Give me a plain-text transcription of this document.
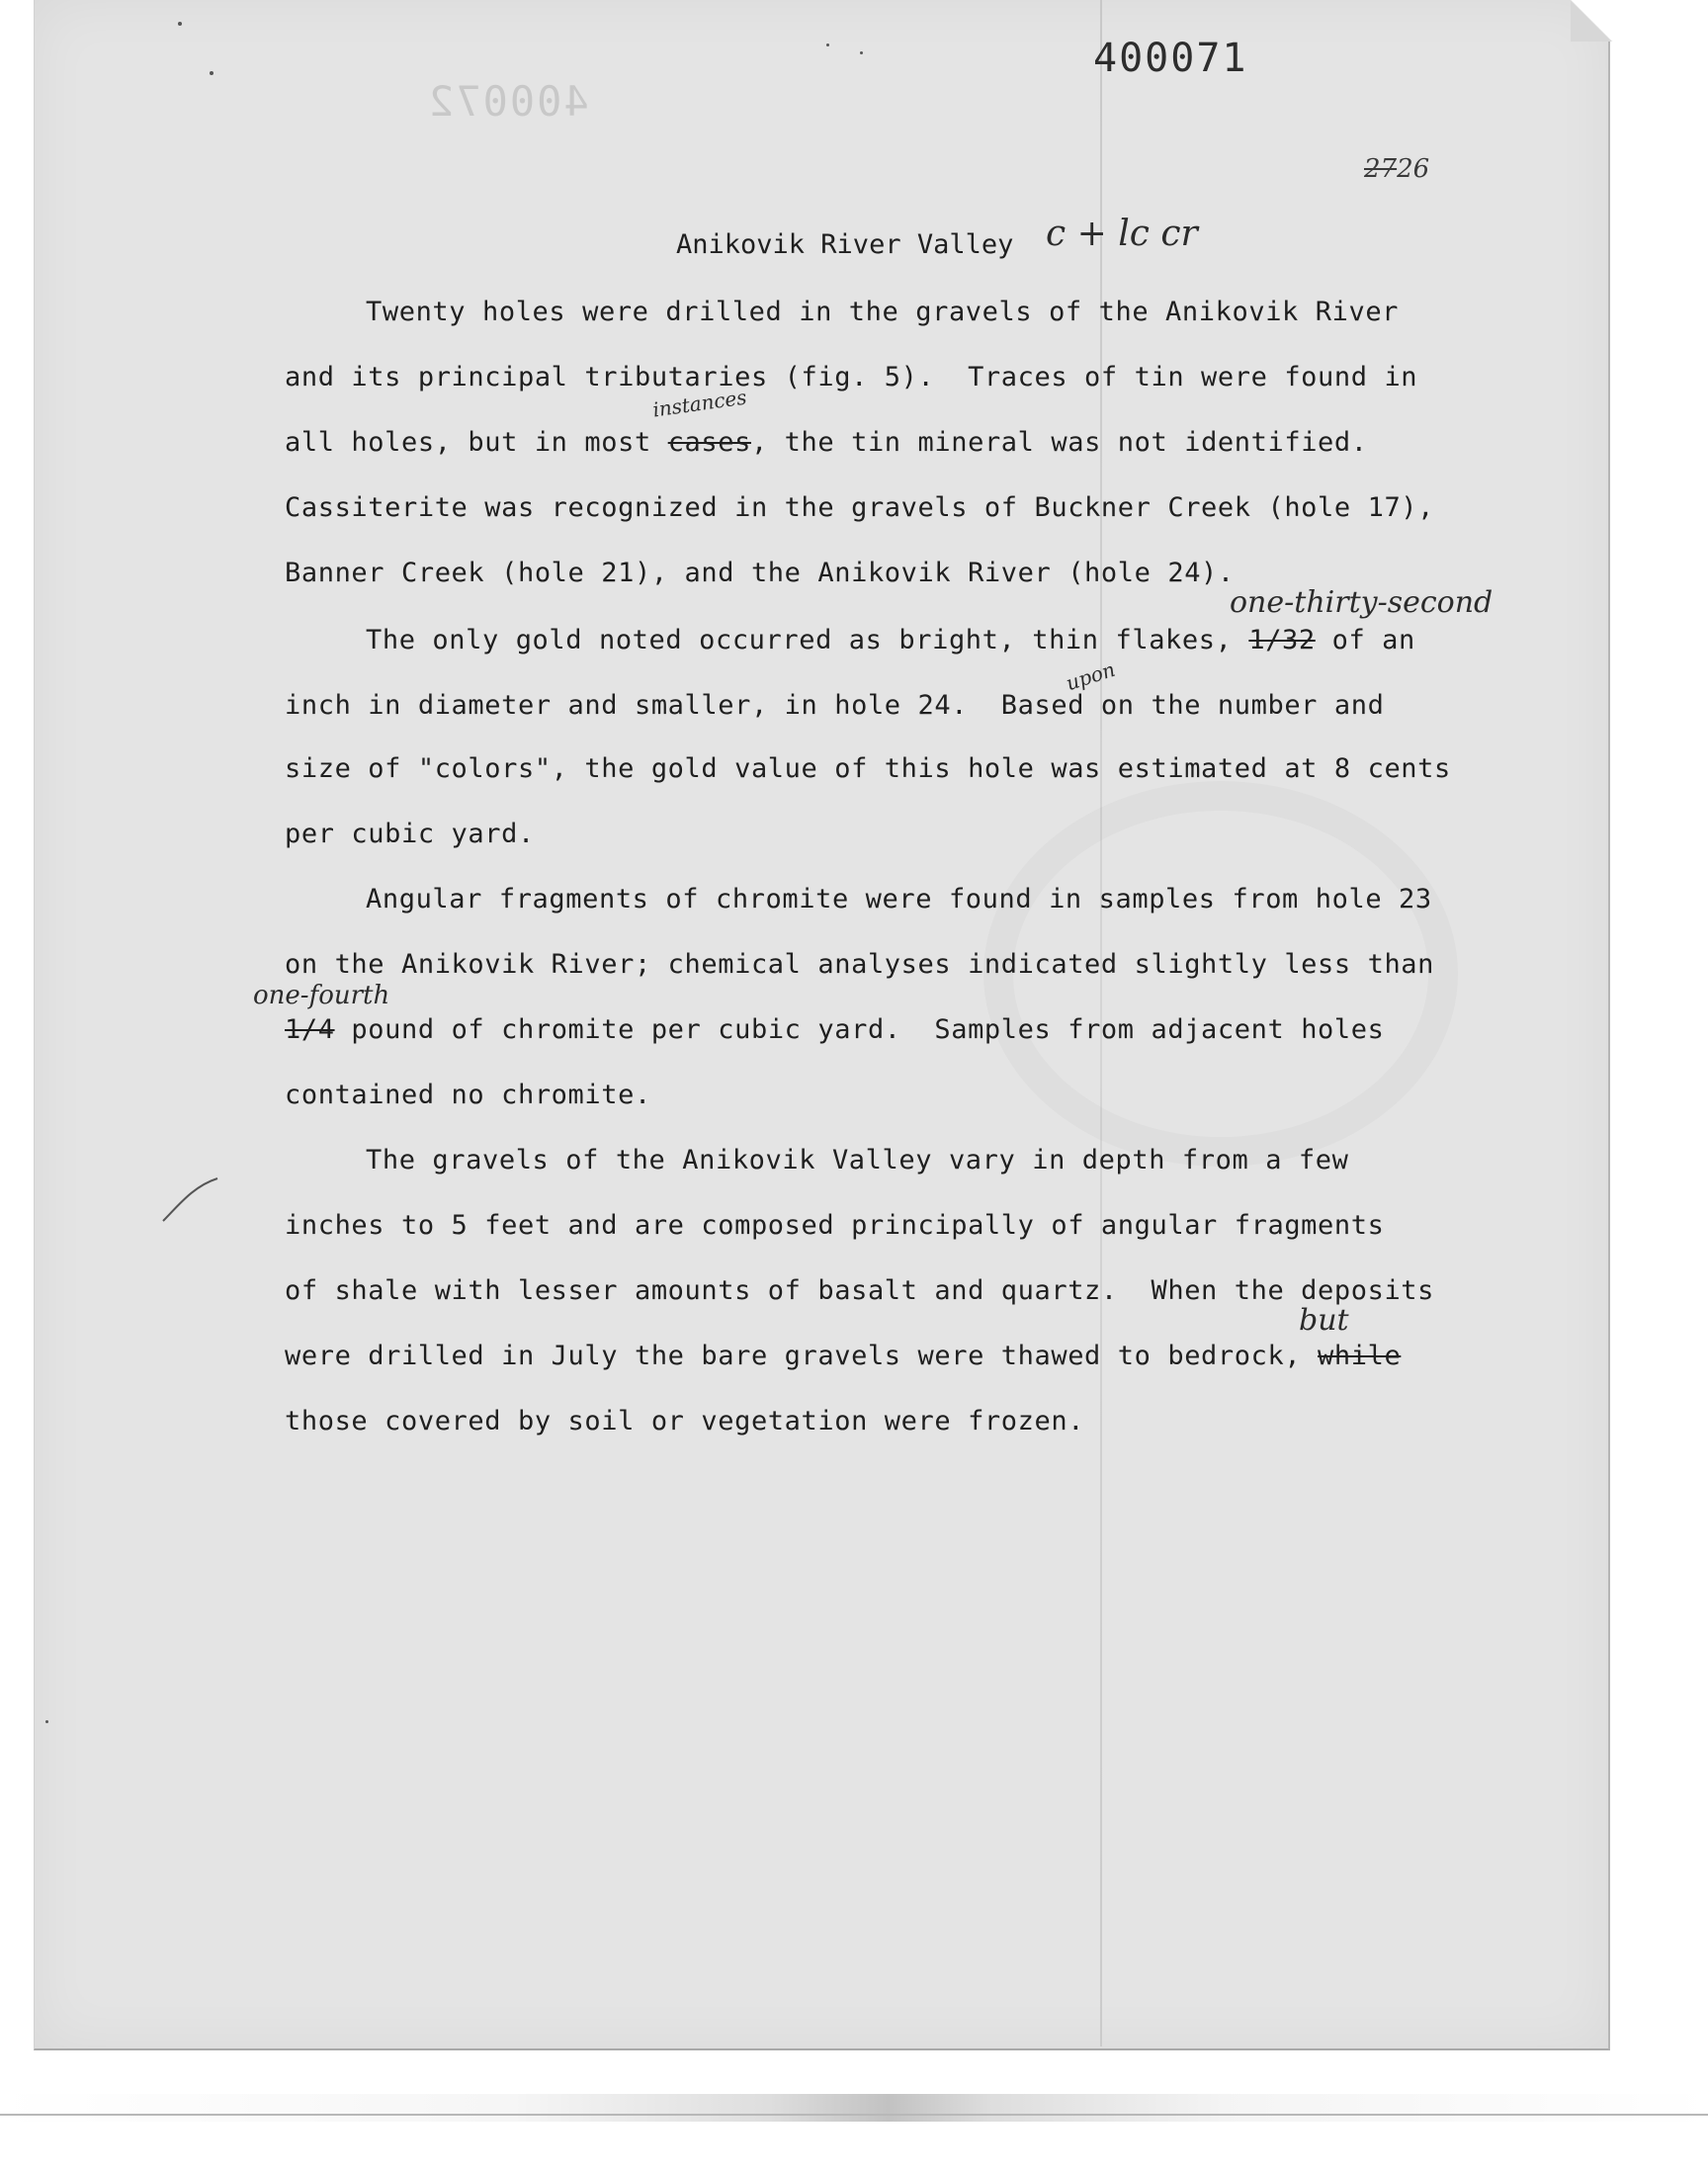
400071
400072
2726
Anikovik River Valley c + lc cr
Twenty holes were drilled in the gravels of the Anikovik River
and its principal tributaries (fig. 5).  Traces of tin were found in
all holes, but in most cases, the tin mineral was not identified.
instances
Cassiterite was recognized in the gravels of Buckner Creek (hole 17),
Banner Creek (hole 21), and the Anikovik River (hole 24).
The only gold noted occurred as bright, thin flakes, 1/32 of an
one-thirty-second
inch in diameter and smaller, in hole 24.  Based on the number and
upon
size of "colors", the gold value of this hole was estimated at 8 cents
per cubic yard.
Angular fragments of chromite were found in samples from hole 23
on the Anikovik River; chemical analyses indicated slightly less than
1/4 pound of chromite per cubic yard.  Samples from adjacent holes
one-fourth
contained no chromite.
The gravels of the Anikovik Valley vary in depth from a few
inches to 5 feet and are composed principally of angular fragments
of shale with lesser amounts of basalt and quartz.  When the deposits
were drilled in July the bare gravels were thawed to bedrock, while
but
those covered by soil or vegetation were frozen.
